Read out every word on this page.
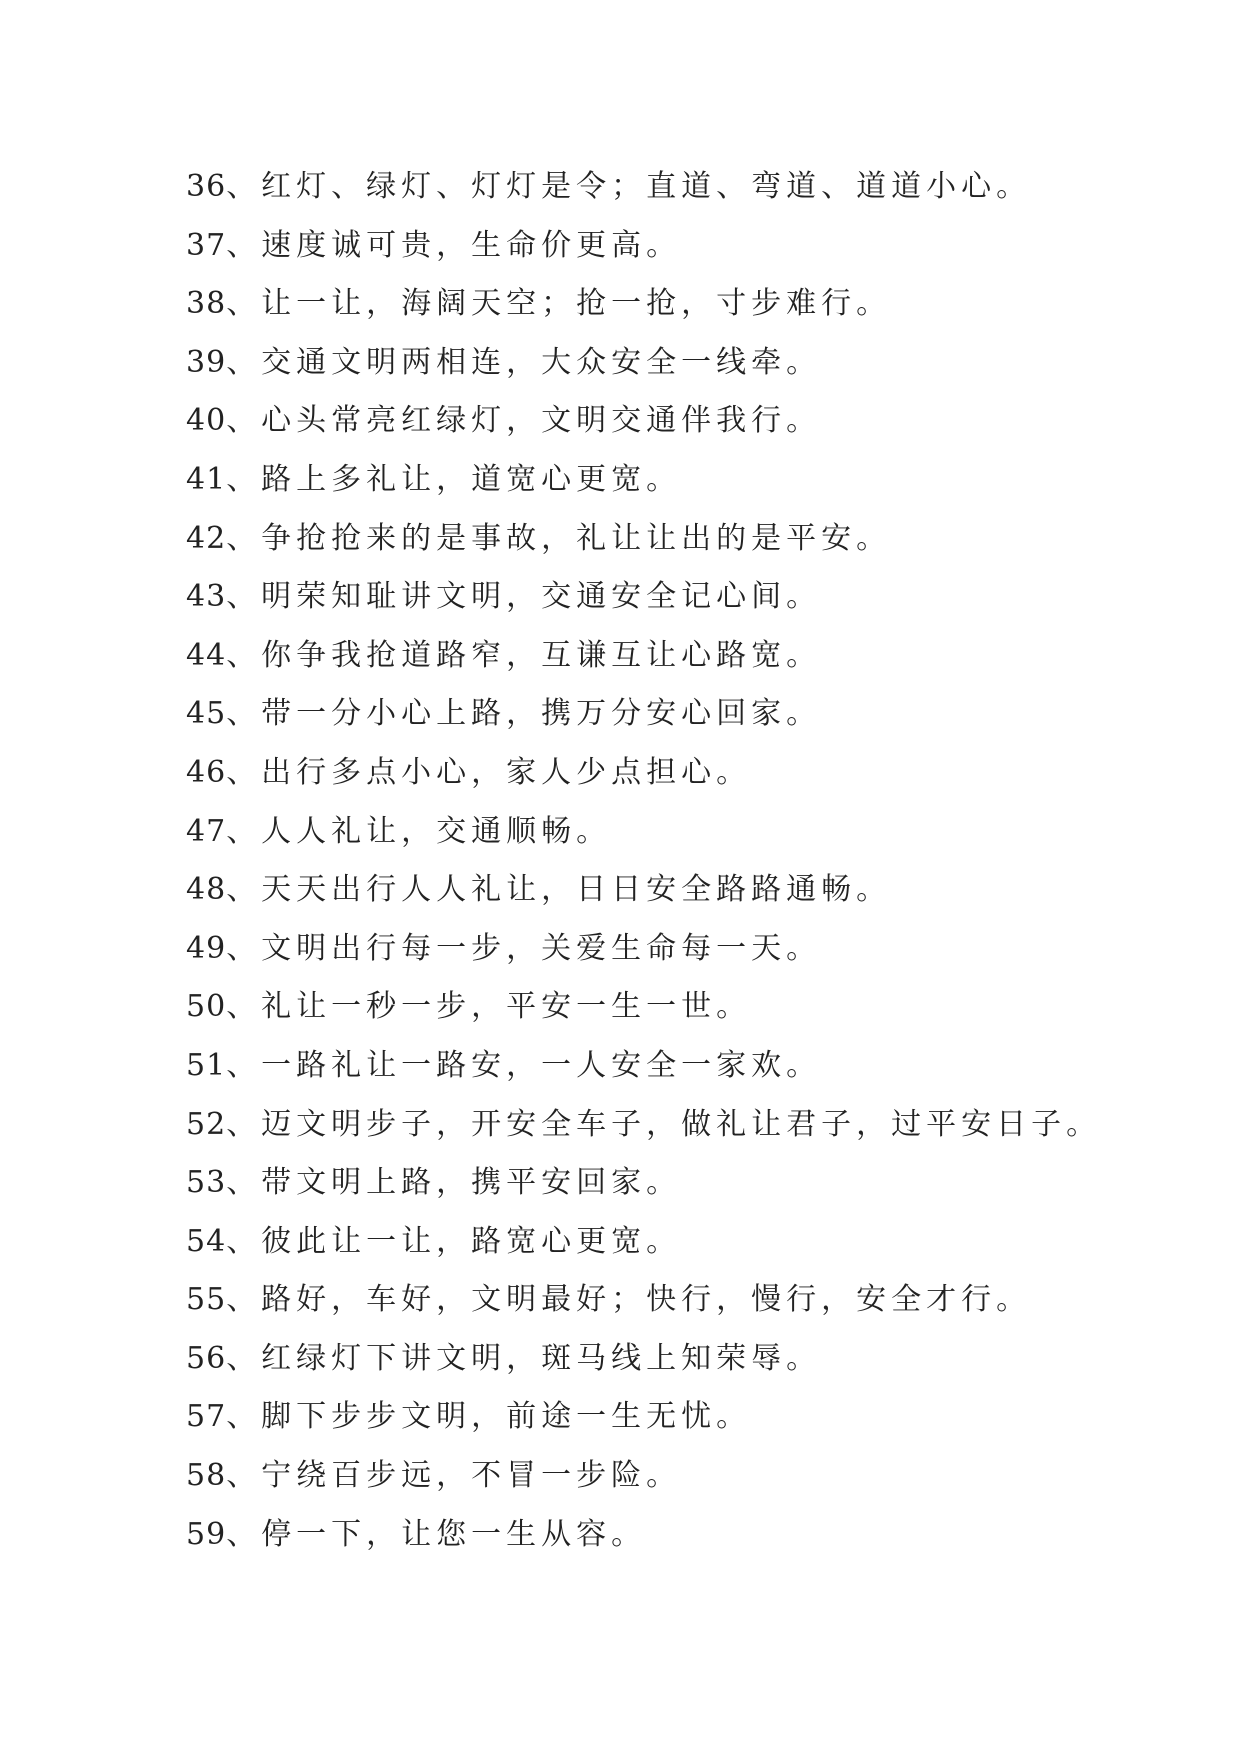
36、红灯、绿灯、灯灯是令；直道、弯道、道道小心。
37、速度诚可贵，生命价更高。
38、让一让，海阔天空；抢一抢，寸步难行。
39、交通文明两相连，大众安全一线牵。
40、心头常亮红绿灯，文明交通伴我行。
41、路上多礼让，道宽心更宽。
42、争抢抢来的是事故，礼让让出的是平安。
43、明荣知耻讲文明，交通安全记心间。
44、你争我抢道路窄，互谦互让心路宽。
45、带一分小心上路，携万分安心回家。
46、出行多点小心，家人少点担心。
47、人人礼让，交通顺畅。
48、天天出行人人礼让，日日安全路路通畅。
49、文明出行每一步，关爱生命每一天。
50、礼让一秒一步，平安一生一世。
51、一路礼让一路安，一人安全一家欢。
52、迈文明步子，开安全车子，做礼让君子，过平安日子。
53、带文明上路，携平安回家。
54、彼此让一让，路宽心更宽。
55、路好，车好，文明最好；快行，慢行，安全才行。
56、红绿灯下讲文明，斑马线上知荣辱。
57、脚下步步文明，前途一生无忧。
58、宁绕百步远，不冒一步险。
59、停一下，让您一生从容。
